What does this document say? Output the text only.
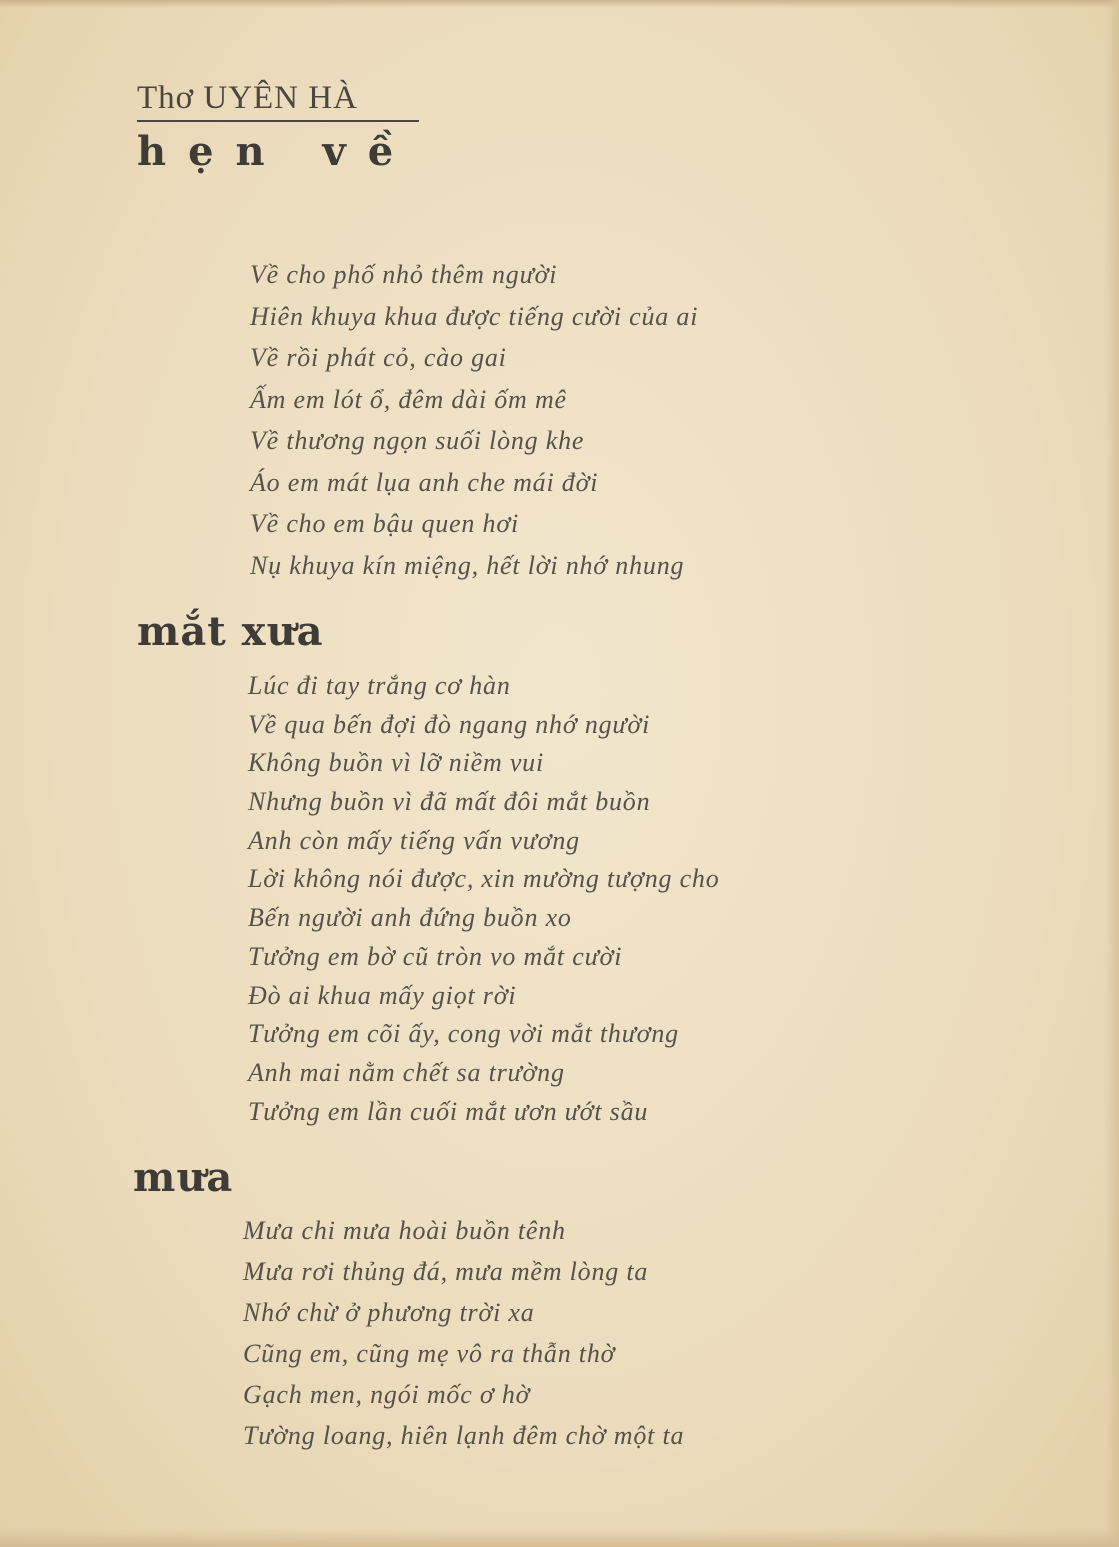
Thơ UYÊN HÀ
hẹn về
Về cho phố nhỏ thêm người
Hiên khuya khua được tiếng cười của ai
Về rồi phát cỏ, cào gai
Ấm em lót ổ, đêm dài ốm mê
Về thương ngọn suối lòng khe
Áo em mát lụa anh che mái đời
Về cho em bậu quen hơi
Nụ khuya kín miệng, hết lời nhớ nhung
mắt xưa
Lúc đi tay trắng cơ hàn
Về qua bến đợi đò ngang nhớ người
Không buồn vì lỡ niềm vui
Nhưng buồn vì đã mất đôi mắt buồn
Anh còn mấy tiếng vấn vương
Lời không nói được, xin mường tượng cho
Bến người anh đứng buồn xo
Tưởng em bờ cũ tròn vo mắt cười
Đò ai khua mấy giọt rời
Tưởng em cõi ấy, cong vời mắt thương
Anh mai nằm chết sa trường
Tưởng em lần cuối mắt ươn ướt sầu
mưa
Mưa chi mưa hoài buồn tênh
Mưa rơi thủng đá, mưa mềm lòng ta
Nhớ chừ ở phương trời xa
Cũng em, cũng mẹ vô ra thẫn thờ
Gạch men, ngói mốc ơ hờ
Tường loang, hiên lạnh đêm chờ một ta
